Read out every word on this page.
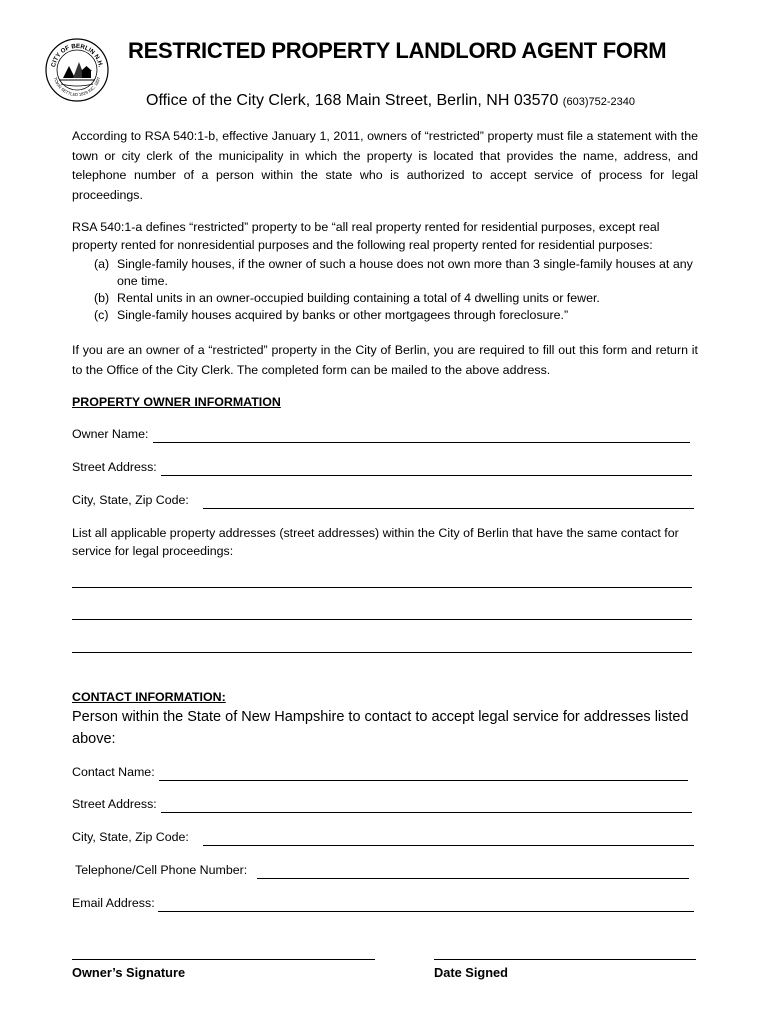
CITY OF BERLIN N.H.
TOWN SETTLED 1829 INC. 1897
RESTRICTED PROPERTY LANDLORD AGENT FORM
Office of the City Clerk, 168 Main Street, Berlin, NH 03570 (603)752-2340
According to RSA 540:1-b, effective January 1, 2011, owners of “restricted” property must file a statement with the town or city clerk of the municipality in which the property is located that provides the name, address, and telephone number of a person within the state who is authorized to accept service of process for legal proceedings.
RSA 540:1-a defines “restricted” property to be “all real property rented for residential purposes, except real property rented for nonresidential purposes and the following real property rented for residential purposes:
(a) Single-family houses, if the owner of such a house does not own more than 3 single-family houses at any one time.
(b) Rental units in an owner-occupied building containing a total of 4 dwelling units or fewer.
(c) Single-family houses acquired by banks or other mortgagees through foreclosure.”
If you are an owner of a “restricted” property in the City of Berlin, you are required to fill out this form and return it to the Office of the City Clerk. The completed form can be mailed to the above address.
PROPERTY OWNER INFORMATION
Owner Name:
Street Address:
City, State, Zip Code:
List all applicable property addresses (street addresses) within the City of Berlin that have the same contact for service for legal proceedings:
CONTACT INFORMATION:
Person within the State of New Hampshire to contact to accept legal service for addresses listed above:
Contact Name:
Street Address:
City, State, Zip Code:
Telephone/Cell Phone Number:
Email Address:
Owner’s Signature	Date Signed
